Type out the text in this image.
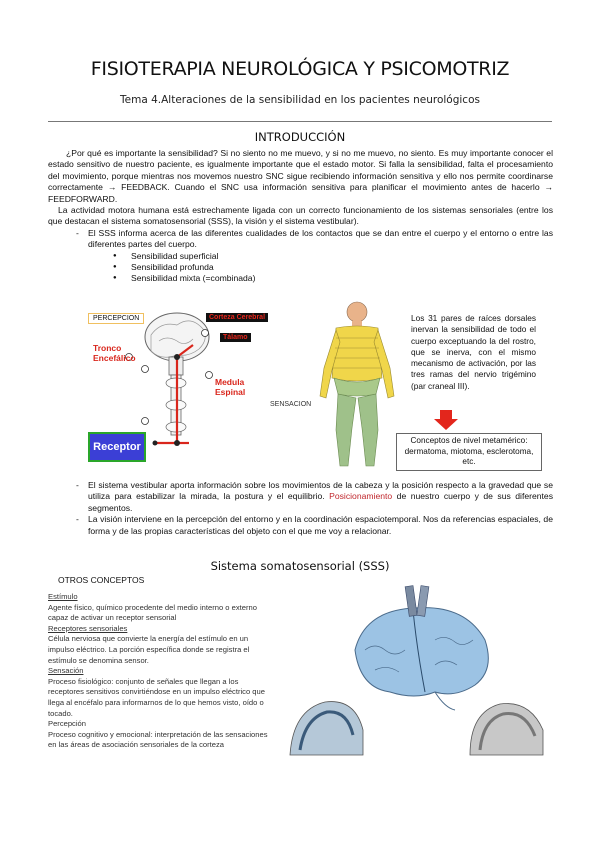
FISIOTERAPIA NEUROLÓGICA Y PSICOMOTRIZ
Tema 4.Alteraciones de la sensibilidad en los pacientes neurológicos
INTRODUCCIÓN

¿Por qué es importante la sensibilidad? Si no siento no me muevo, y si no me muevo, no siento. Es muy importante conocer el estado sensitivo de nuestro paciente, es igualmente importante que el estado motor. Si falla la sensibilidad, falta el procesamiento del movimiento, porque mientras nos movemos nuestro SNC sigue recibiendo información sensitiva y ello nos permite coordinarse correctamente → FEEDBACK. Cuando el SNC usa información sensitiva para planificar el movimiento antes de hacerlo → FEEDFORWARD.

La actividad motora humana está estrechamente ligada con un correcto funcionamiento de los sistemas sensoriales (entre los que destacan el sistema somatosensorial (SSS), la visión y el sistema vestibular).

- El SSS informa acerca de las diferentes cualidades de los contactos que se dan entre el cuerpo y el entorno o entre las diferentes partes del cuerpo.
● Sensibilidad superficial
● Sensibilidad profunda
● Sensibilidad mixta (=combinada)
PERCEPCION	Corteza Cerebral
Tálamo
Tronco Encefálico
Medula Espinal
Receptor
SENSACION
Los 31 pares de raíces dorsales inervan la sensibilidad de todo el cuerpo exceptuando la del rostro, que se inerva, con el mismo mecanismo de activación, por las tres ramas del nervio trigémino (par craneal III).
Conceptos de nivel metamérico: dermatoma, miotoma, esclerotoma, etc.
- El sistema vestibular aporta información sobre los movimientos de la cabeza y la posición respecto a la gravedad que se utiliza para estabilizar la mirada, la postura y el equilibrio. Posicionamiento de nuestro cuerpo y de sus diferentes segmentos.
- La visión interviene en la percepción del entorno y en la coordinación espaciotemporal. Nos da referencias espaciales, de forma y de las propias características del objeto con el que me voy a relacionar.
Sistema somatosensorial (SSS)
OTROS CONCEPTOS
Estímulo
Agente físico, químico procedente del medio interno o externo capaz de activar un receptor sensorial
Receptores sensoriales
Célula nerviosa que convierte la energía del estímulo en un impulso eléctrico. La porción específica donde se registra el estímulo se denomina sensor.
Sensación
Proceso fisiológico: conjunto de señales que llegan a los receptores sensitivos convirtiéndose en un impulso eléctrico que llega al encéfalo para informarnos de lo que hemos visto, oído o tocado.
Percepción
Proceso cognitivo y emocional: interpretación de las sensaciones en las áreas de asociación sensoriales de la corteza
